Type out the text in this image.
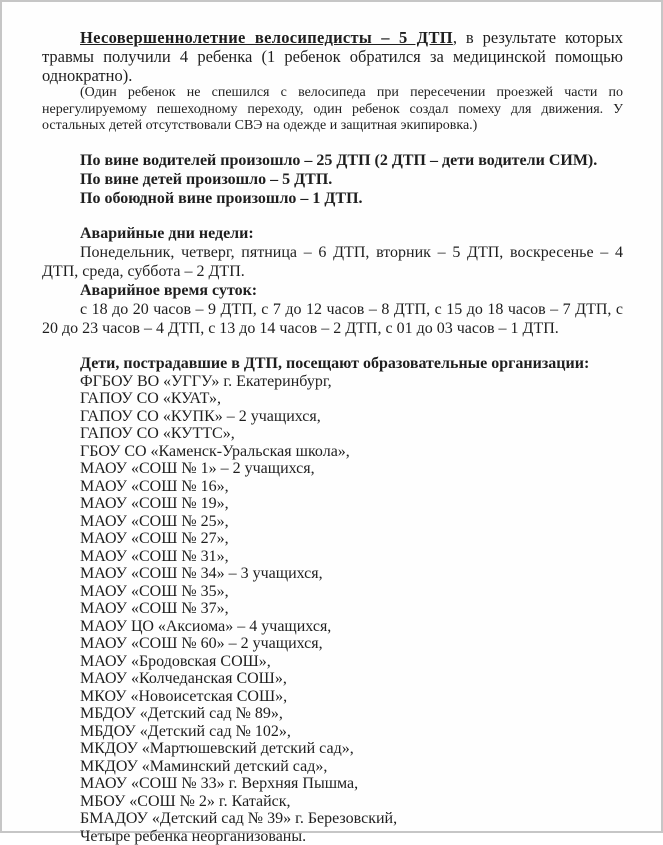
Несовершеннолетние велосипедисты – 5 ДТП, в результате которых травмы получили 4 ребенка (1 ребенок обратился за медицинской помощью однократно).

(Один ребенок не спешился с велосипеда при пересечении проезжей части по нерегулируемому пешеходному переходу, один ребенок создал помеху для движения. У остальных детей отсутствовали СВЭ на одежде и защитная экипировка.)

По вине водителей произошло – 25 ДТП (2 ДТП – дети водители СИМ).
По вине детей произошло – 5 ДТП.
По обоюдной вине произошло – 1 ДТП.

Аварийные дни недели:

Понедельник, четверг, пятница – 6 ДТП, вторник – 5 ДТП, воскресенье – 4 ДТП, среда, суббота – 2 ДТП.

Аварийное время суток:

с 18 до 20 часов – 9 ДТП, с 7 до 12 часов – 8 ДТП, с 15 до 18 часов – 7 ДТП, с 20 до 23 часов – 4 ДТП, с 13 до 14 часов – 2 ДТП, с 01 до 03 часов – 1 ДТП.

Дети, пострадавшие в ДТП, посещают образовательные организации:

ФГБОУ ВО «УГГУ» г. Екатеринбург,
ГАПОУ СО «КУАТ»,
ГАПОУ СО «КУПК» – 2 учащихся,
ГАПОУ СО «КУТТС»,
ГБОУ СО «Каменск-Уральская школа»,
МАОУ «СОШ № 1» – 2 учащихся,
МАОУ «СОШ № 16»,
МАОУ «СОШ № 19»,
МАОУ «СОШ № 25»,
МАОУ «СОШ № 27»,
МАОУ «СОШ № 31»,
МАОУ «СОШ № 34» – 3 учащихся,
МАОУ «СОШ № 35»,
МАОУ «СОШ № 37»,
МАОУ ЦО «Аксиома» – 4 учащихся,
МАОУ «СОШ № 60» – 2 учащихся,
МАОУ «Бродовская СОШ»,
МАОУ «Колчеданская СОШ»,
МКОУ «Новоисетская СОШ»,
МБДОУ «Детский сад № 89»,
МБДОУ «Детский сад № 102»,
МКДОУ «Мартюшевский детский сад»,
МКДОУ «Маминский детский сад»,
МАОУ «СОШ № 33» г. Верхняя Пышма,
МБОУ «СОШ № 2» г. Катайск,
БМАДОУ «Детский сад № 39» г. Березовский,
Четыре ребенка неорганизованы.
